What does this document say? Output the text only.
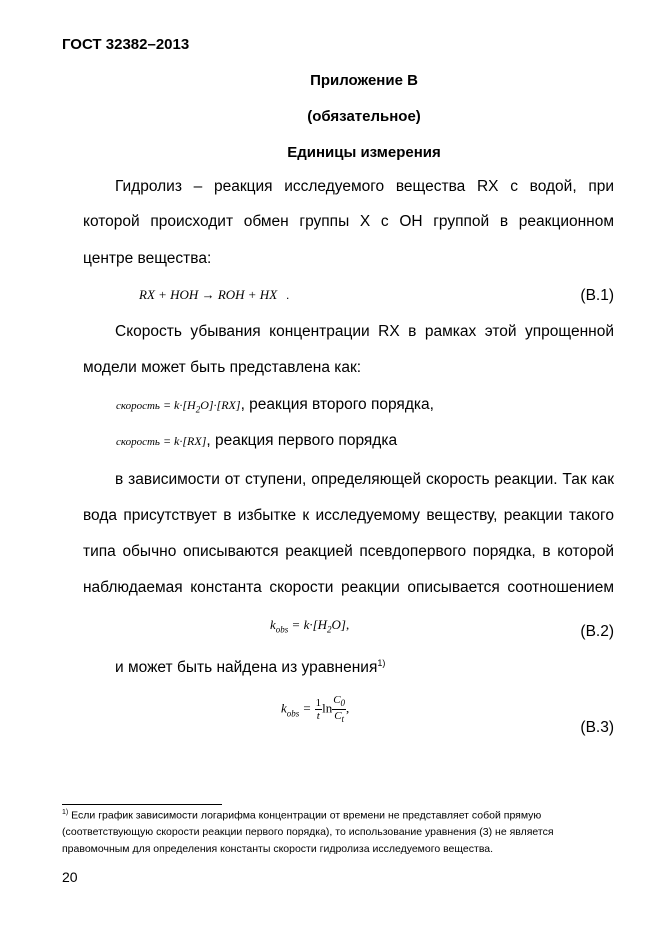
ГОСТ 32382–2013
Приложение В
(обязательное)
Единицы измерения
Гидролиз – реакция исследуемого вещества RX с водой, при
которой происходит обмен группы X с OH группой в реакционном
центре вещества:
RX + HOH → ROH + HX .	(В.1)
Скорость убывания концентрации RX в рамках этой упрощенной
модели может быть представлена как:
скорость = $k\cdot[H_2O]\cdot[RX]$, реакция второго порядка,
скорость = k·[RX], реакция первого порядка
в зависимости от ступени, определяющей скорость реакции. Так как
вода присутствует в избытке к исследуемому веществу, реакции такого
типа обычно описываются реакцией псевдопервого порядка, в которой
наблюдаемая константа скорости реакции описывается соотношением
$k_{obs} = k\cdot[H_2O]$,	(В.2)
и может быть найдена из уравнения$^{1)}$
$k_{obs} = \frac{1}{t}$ $\ln \frac{C_0}{C_t}$ ,
(В.3)
$^{1)}$ Если график зависимости логарифма концентрации от времени не представляет собой прямую
(соответствующую скорости реакции первого порядка), то использование уравнения (3) не является
правомочным для определения константы скорости гидролиза исследуемого вещества.
20
